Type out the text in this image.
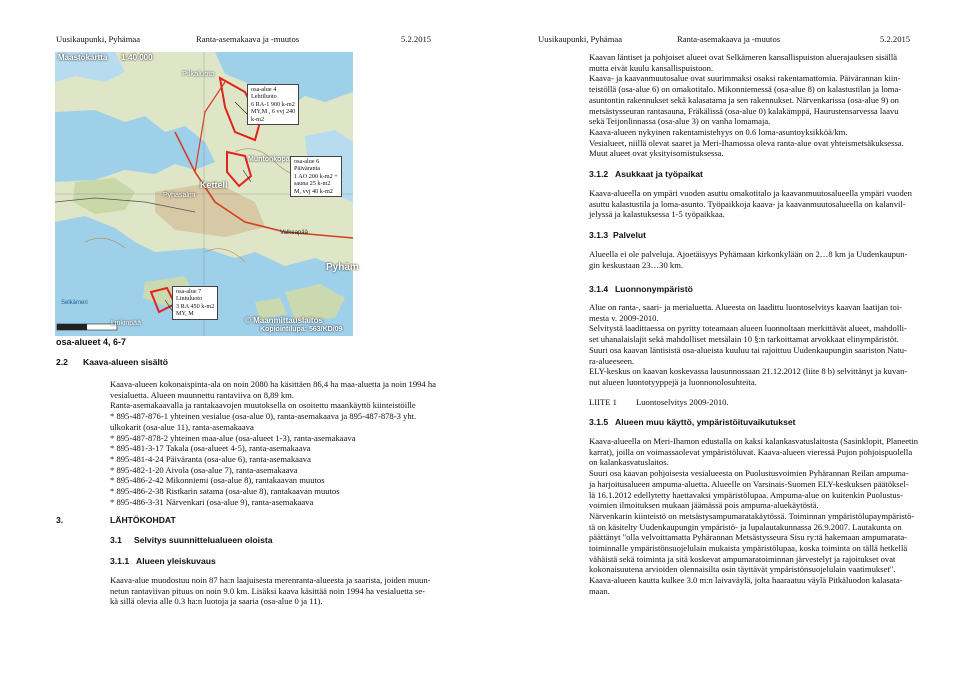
Uusikaupunki, Pyhämaa	Ranta-asemakaava ja -muutos	5.2.2015	Uusikaupunki, Pyhämaa	Ranta-asemakaava ja -muutos	5.2.2015
Maastokartta 1:40 000
Pilkaluoto
Muntonkopa
Ketteli
Pyhasalmi
Pyhäm
Selkämeri
Linkinpää
Valkeapää
© Maanmittauslaitos
Kopiointilupa: 563/KD/09
osa-alue 4
Lehtiluoto
6 RA-1 900 k-m2
MY,M , 6 vvj 240
k-m2
osa-alue 6
Päiväranta
1 AO 200 k-m2 +
sauna 25 k-m2
M, vvj 40 k-m2
osa-alue 7
Lintuluoto
3 RA 450 k-m2
MY, M
osa-alueet 4, 6-7
2.2 Kaava-alueen sisältö
Kaava-alueen kokonaispinta-ala on noin 2080 ha käsittäen 86,4 ha maa-aluetta ja noin 1994 ha
vesialuetta. Alueen muunnettu rantaviiva on 8,89 km.
Ranta-asemakaavalla ja rantakaavojen muutoksella on osoitettu maankäyttö kiinteistöille
* 895-487-876-1 yhteinen vesialue (osa-alue 0), ranta-asemakaava ja 895-487-878-3 yht.
ulkokarit (osa-alue 11), ranta-asemakaava
* 895-487-878-2 yhteinen maa-alue (osa-alueet 1-3), ranta-asemakaava
* 895-481-3-17 Takala (osa-alueet 4-5), ranta-asemakaava
* 895-481-4-24 Päiväranta (osa-alue 6), ranta-asemakaava
* 895-482-1-20 Aivola (osa-alue 7), ranta-asemakaava
* 895-486-2-42 Mikonniemi (osa-alue 8), rantakaavan muutos
* 895-486-2-38 Ristkarin satama (osa-alue 8), rantakaavan muutos
* 895-486-3-31 Närvenkari (osa-alue 9), ranta-asemakaava
3.	LÄHTÖKOHDAT
3.1 Selvitys suunnittelualueen oloista
3.1.1 Alueen yleiskuvaus
Kaava-alue muodostuu noin 87 ha:n laajuisesta merenranta-alueesta ja saarista, joiden muun-
netun rantaviivan pituus on noin 9.0 km. Lisäksi kaava käsittää noin 1994 ha vesialuetta se-
kä sillä olevia alle 0.3 ha:n luotoja ja saaria (osa-alue 0 ja 11).
Kaavan läntiset ja pohjoiset alueet ovat Selkämeren kansallispuiston aluerajauksen sisällä
mutta eivät kuulu kansallispuistoon.
Kaava- ja kaavanmuutosalue ovat suurimmaksi osaksi rakentamattomia. Päivärannan kiin-
teistöllä (osa-alue 6) on omakotitalo. Mikonniemessä (osa-alue 8) on kalastustilan ja loma-
asuntontin rakennukset sekä kalasatama ja sen rakennukset. Närvenkarissa (osa-alue 9) on
metsästysseuran rantasauna, Fräkälissä (osa-alue 0) kalakämppä, Haurustensarvessa laavu
sekä Teijonlinnassa (osa-alue 3) on vanha lomamaja.
Kaava-alueen nykyinen rakentamistehyys on 0.6 loma-asuntoyksikköä/km.
Vesialueet, niillä olevat saaret ja Meri-Ihamossa oleva ranta-alue ovat yhteismetsäkuksessa.
Muut alueet ovat yksityisomistuksessa.
3.1.2 Asukkaat ja työpaikat
Kaava-alueella on ympäri vuoden asuttu omakotitalo ja kaavanmuutosalueella ympäri vuoden
asuttu kalastustila ja loma-asunto. Työpaikkoja kaava- ja kaavanmuutosalueella on kalanvil-
jelyssä ja kalastuksessa 1-5 työpaikkaa.
3.1.3 Palvelut
Alueella ei ole palveluja. Ajoetäisyys Pyhämaan kirkonkylään on 2…8 km ja Uudenkaupun-
gin keskustaan 23…30 km.
3.1.4 Luonnonympäristö
Alue on ranta-, saari- ja merialuetta. Alueesta on laadittu luontoselvitys kaavan laatijan toi-
mesta v. 2009-2010.
Selvitystä laadittaessa on pyritty toteamaan alueen luonnoltaan merkittävät alueet, mahdolli-
set uhanalaislajit sekä mahdolliset metsälain 10 §:n tarkoittamat arvokkaat elinympäristöt.
Suuri osa kaavan läntisistä osa-alueista kuuluu tai rajoittuu Uudenkaupungin saariston Natu-
ra-alueeseen.
ELY-keskus on kaavan koskevassa lausunnossaan 21.12.2012 (liite 8 b) selvittänyt ja kuvan-
nut alueen luontotyyppejä ja luonnonolosuhteita.
LIITE 1 Luontoselvitys 2009-2010.
3.1.5 Alueen muu käyttö, ympäristöituvaikutukset
Kaava-alueella on Meri-Ihamon edustalla on kaksi kalankasvatuslaitosta (Sasinklopit, Planeetin
karrat), joilla on voimassaolevat ympäristöluvat. Kaava-alueen vieressä Pujon pohjoispuolella
on kalankasvatuslaitos.
Suuri osa kaavan pohjoisesta vesialueesta on Puolustusvoimien Pyhärannan Reilan ampuma-
ja harjoitusalueen ampuma-aluetta. Alueelle on Varsinais-Suomen ELY-keskuksen päätöksel-
lä 16.1.2012 edellytetty haettavaksi ympäristölupaa. Ampuma-alue on kuitenkin Puolustus-
voimien ilmoituksen mukaan jäämässä pois ampuma-aluekäytöstä.
Närvenkarin kiinteistö on metsästysampumaratakäytössä. Toiminnan ympäristölupaympäristö-
tä on käsitelty Uudenkaupungin ympäristö- ja lupalautakunnassa 26.9.2007. Lautakunta on
päättänyt "olla velvoittamatta Pyhärannan Metsästysseura Sisu ry:tä hakemaan ampumarata-
toiminnalle ympäristönsuojelulain mukaista ympäristölupaa, koska toiminta on tällä hetkellä
vähäistä sekä toiminta ja sitä koskevat ampumaratoiminnan järvestelyt ja rajoitukset ovat
kokonaisuutena arvioiden olennaisilta osin täyttävät ympäristönsuojelulain vaatimukset".
Kaava-alueen kautta kulkee 3.0 m:n laivaväylä, jolta haaraatuu väylä Pitkäluodon kalasata-
maan.
